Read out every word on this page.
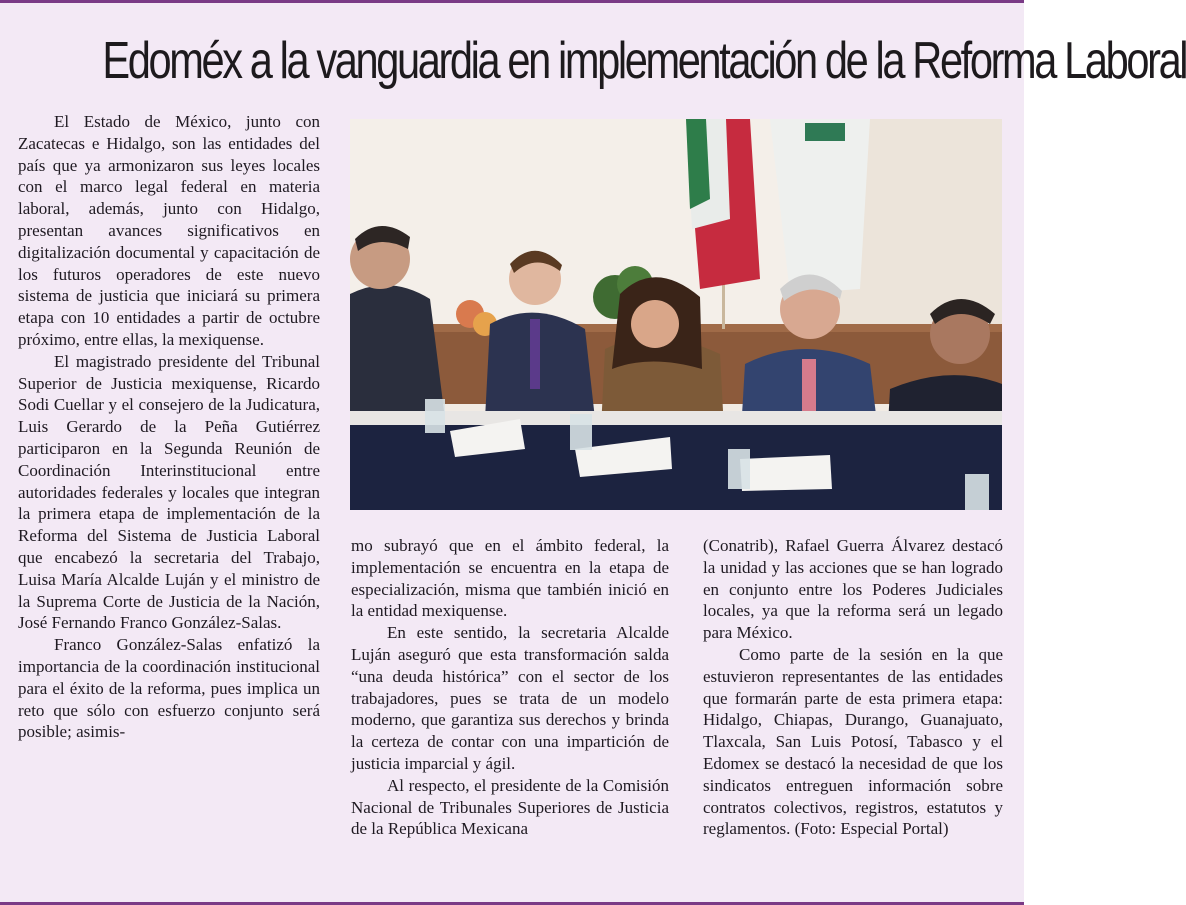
Edoméx a la vanguardia en implementación de la Reforma Laboral

El Estado de México, junto con Zacatecas e Hidalgo, son las entidades del país que ya armonizaron sus leyes locales con el marco legal federal en materia laboral, además, junto con Hidalgo, presentan avances significativos en digitalización documental y capacitación de los futuros operadores de este nuevo sistema de justicia que iniciará su primera etapa con 10 entidades a partir de octubre próximo, entre ellas, la mexiquense.

El magistrado presidente del Tribunal Superior de Justicia mexiquense, Ricardo Sodi Cuellar y el consejero de la Judicatura, Luis Gerardo de la Peña Gutiérrez participaron en la Segunda Reunión de Coordinación Interinstitucional entre autoridades federales y locales que integran la primera etapa de implementación de la Reforma del Sistema de Justicia Laboral que encabezó la secretaria del Trabajo, Luisa María Alcalde Luján y el ministro de la Suprema Corte de Justicia de la Nación, José Fernando Franco González-Salas.

Franco González-Salas enfatizó la importancia de la coordinación institucional para el éxito de la reforma, pues implica un reto que sólo con esfuerzo conjunto será posible; asimis-

mo subrayó que en el ámbito federal, la implementación se encuentra en la etapa de especialización, misma que también inició en la entidad mexiquense.

En este sentido, la secretaria Alcalde Luján aseguró que esta transformación salda “una deuda histórica” con el sector de los trabajadores, pues se trata de un modelo moderno, que garantiza sus derechos y brinda la certeza de contar con una impartición de justicia imparcial y ágil.

Al respecto, el presidente de la Comisión Nacional de Tribunales Superiores de Justicia de la República Mexicana

(Conatrib), Rafael Guerra Álvarez destacó la unidad y las acciones que se han logrado en conjunto entre los Poderes Judiciales locales, ya que la reforma será un legado para México.

Como parte de la sesión en la que estuvieron representantes de las entidades que formarán parte de esta primera etapa: Hidalgo, Chiapas, Durango, Guanajuato, Tlaxcala, San Luis Potosí, Tabasco y el Edomex se destacó la necesidad de que los sindicatos entreguen información sobre contratos colectivos, registros, estatutos y reglamentos. (Foto: Especial Portal)
